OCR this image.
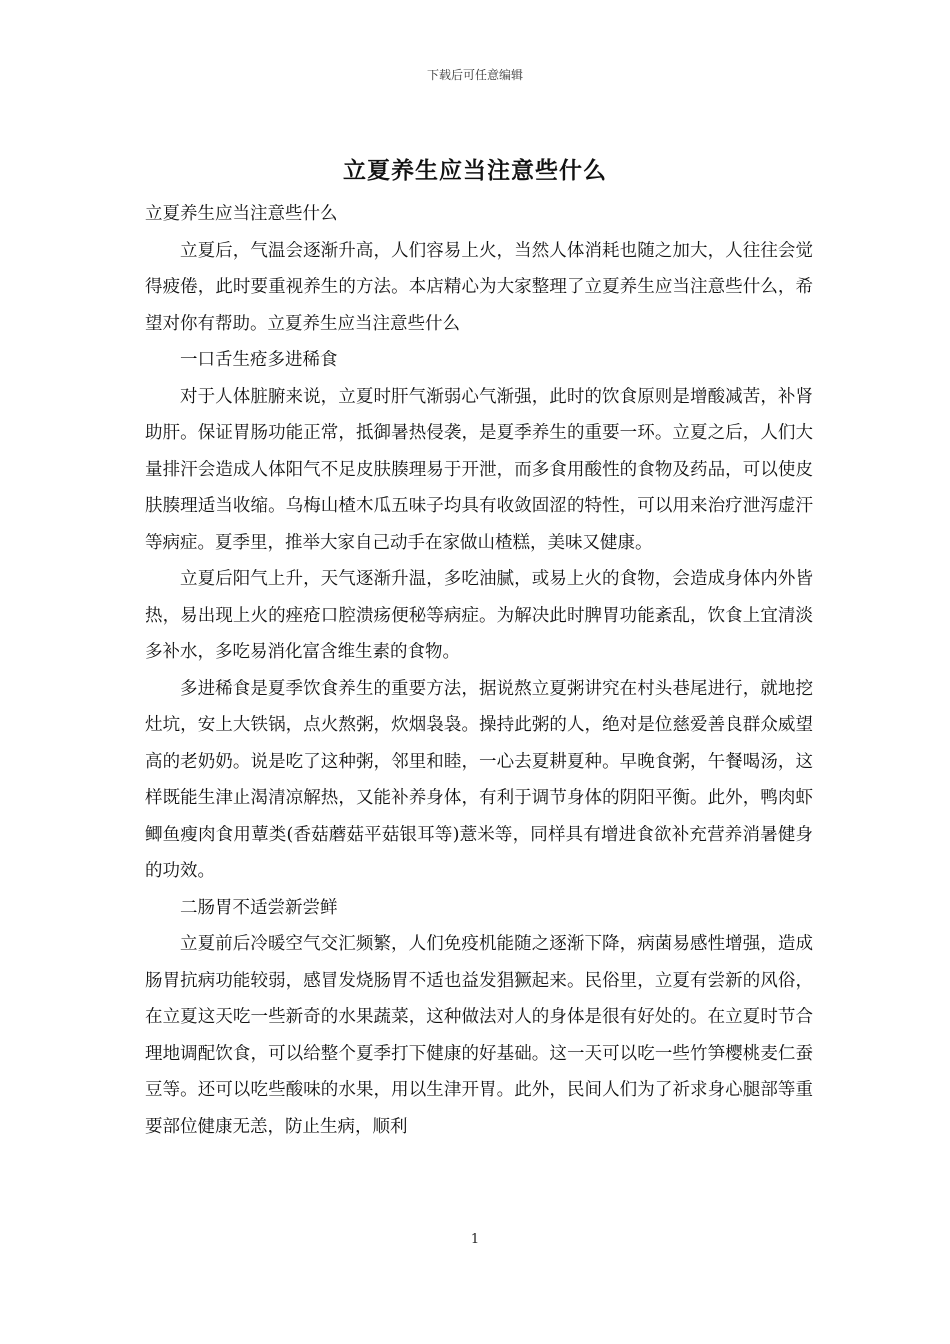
下载后可任意编辑
立夏养生应当注意些什么

立夏养生应当注意些什么

立夏后，气温会逐渐升高，人们容易上火，当然人体消耗也随之加大，人往往会觉得疲倦，此时要重视养生的方法。本店精心为大家整理了立夏养生应当注意些什么，希望对你有帮助。立夏养生应当注意些什么

一口舌生疮多进稀食

对于人体脏腑来说，立夏时肝气渐弱心气渐强，此时的饮食原则是增酸减苦，补肾助肝。保证胃肠功能正常，抵御暑热侵袭，是夏季养生的重要一环。立夏之后，人们大量排汗会造成人体阳气不足皮肤腠理易于开泄，而多食用酸性的食物及药品，可以使皮肤腠理适当收缩。乌梅山楂木瓜五味子均具有收敛固涩的特性，可以用来治疗泄泻虚汗等病症。夏季里，推举大家自己动手在家做山楂糕，美味又健康。

立夏后阳气上升，天气逐渐升温，多吃油腻，或易上火的食物，会造成身体内外皆热，易出现上火的痤疮口腔溃疡便秘等病症。为解决此时脾胃功能紊乱，饮食上宜清淡多补水，多吃易消化富含维生素的食物。

多进稀食是夏季饮食养生的重要方法，据说熬立夏粥讲究在村头巷尾进行，就地挖灶坑，安上大铁锅，点火熬粥，炊烟袅袅。操持此粥的人，绝对是位慈爱善良群众威望高的老奶奶。说是吃了这种粥，邻里和睦，一心去夏耕夏种。早晚食粥，午餐喝汤，这样既能生津止渴清凉解热，又能补养身体，有利于调节身体的阴阳平衡。此外，鸭肉虾鲫鱼瘦肉食用蕈类(香菇蘑菇平菇银耳等)薏米等，同样具有增进食欲补充营养消暑健身的功效。

二肠胃不适尝新尝鲜

立夏前后冷暖空气交汇频繁，人们免疫机能随之逐渐下降，病菌易感性增强，造成肠胃抗病功能较弱，感冒发烧肠胃不适也益发猖獗起来。民俗里，立夏有尝新的风俗，在立夏这天吃一些新奇的水果蔬菜，这种做法对人的身体是很有好处的。在立夏时节合理地调配饮食，可以给整个夏季打下健康的好基础。这一天可以吃一些竹笋樱桃麦仁蚕豆等。还可以吃些酸味的水果，用以生津开胃。此外，民间人们为了祈求身心腿部等重要部位健康无恙，防止生病，顺利

1
